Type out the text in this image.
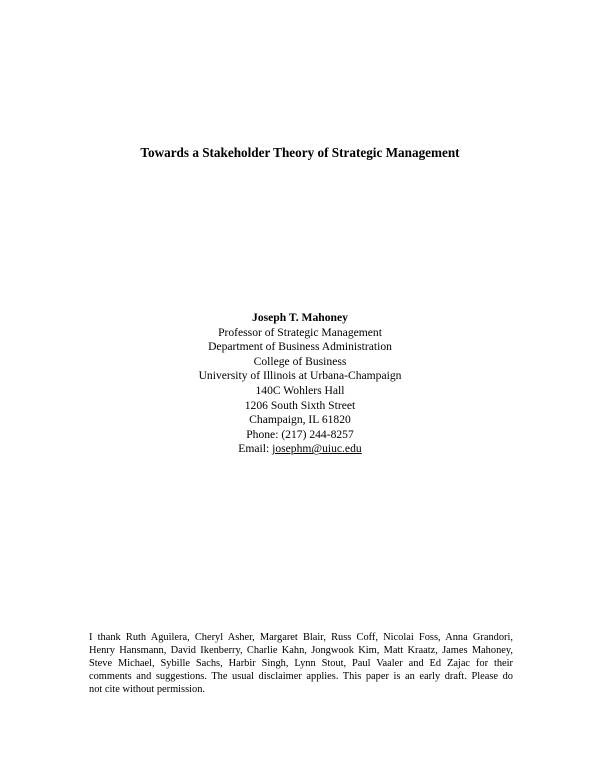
Towards a Stakeholder Theory of Strategic Management
Joseph T. Mahoney
Professor of Strategic Management
Department of Business Administration
College of Business
University of Illinois at Urbana-Champaign
140C Wohlers Hall
1206 South Sixth Street
Champaign, IL 61820
Phone: (217) 244-8257
Email: josephm@uiuc.edu
I thank Ruth Aguilera, Cheryl Asher, Margaret Blair, Russ Coff, Nicolai Foss, Anna Grandori,
Henry Hansmann, David Ikenberry, Charlie Kahn, Jongwook Kim, Matt Kraatz, James Mahoney,
Steve Michael, Sybille Sachs, Harbir Singh, Lynn Stout, Paul Vaaler and Ed Zajac for their
comments and suggestions. The usual disclaimer applies. This paper is an early draft. Please do
not cite without permission.
